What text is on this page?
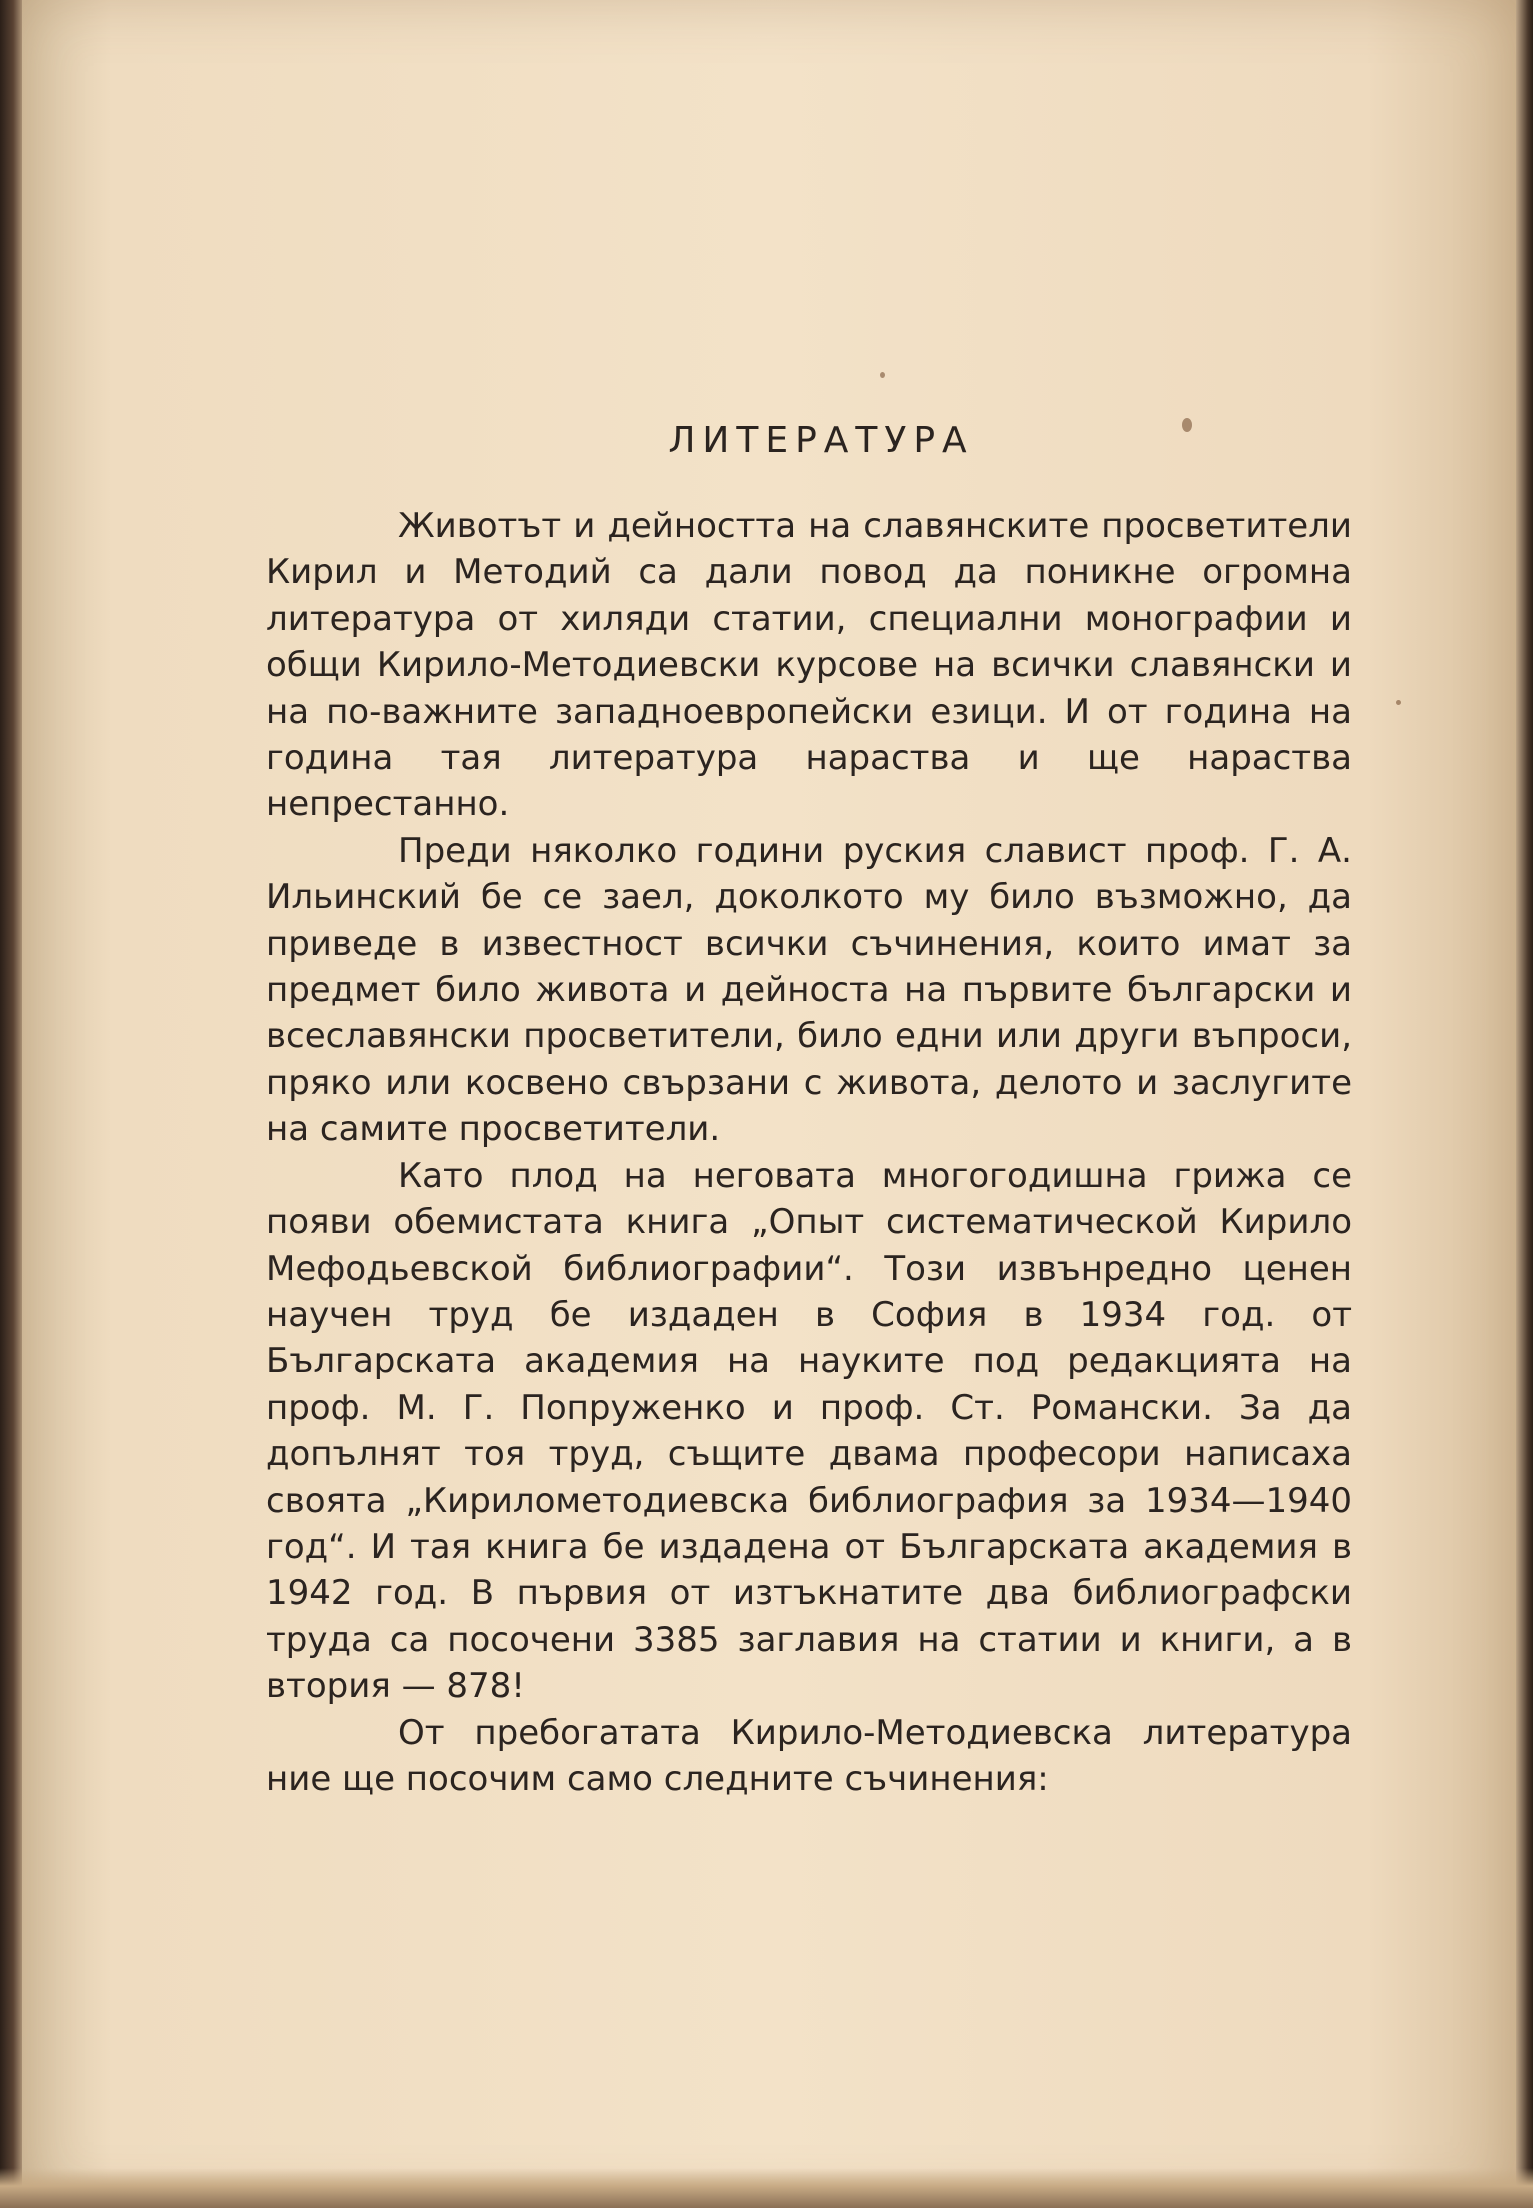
ЛИТЕРАТУРА

Животът и дейността на славянските просветители Кирил и Методий са дали повод да поникне огромна литература от хиляди статии, специални монографии и общи Кирило-Методиевски курсове на всички славянски и на по-важните западноевропейски езици. И от година на година тая литература нараства и ще нараства непрестанно.

Преди няколко години руския славист проф. Г. А. Ильинский бе се заел, доколкото му било възможно, да приведе в известност всички съчинения, които имат за предмет било живота и дейноста на първите български и всеславянски просветители, било едни или други въпроси, пряко или косвено свързани с живота, делото и заслугите на самите просветители.

Като плод на неговата многогодишна грижа се появи обемистата книга „Опыт систематической Кирило Мефодьевской библиографии“. Този извънредно ценен научен труд бе издаден в София в 1934 год. от Българската академия на науките под редакцията на проф. М. Г. Попруженко и проф. Ст. Романски. За да допълнят тоя труд, същите двама професори написаха своята „Кирилометодиевска библиография за 1934—1940 год“. И тая книга бе издадена от Българската академия в 1942 год. В първия от изтъкнатите два библиографски труда са посочени 3385 заглавия на статии и книги, а в втория — 878!

От пребогатата Кирило-Методиевска литература ние ще посочим само следните съчинения:
